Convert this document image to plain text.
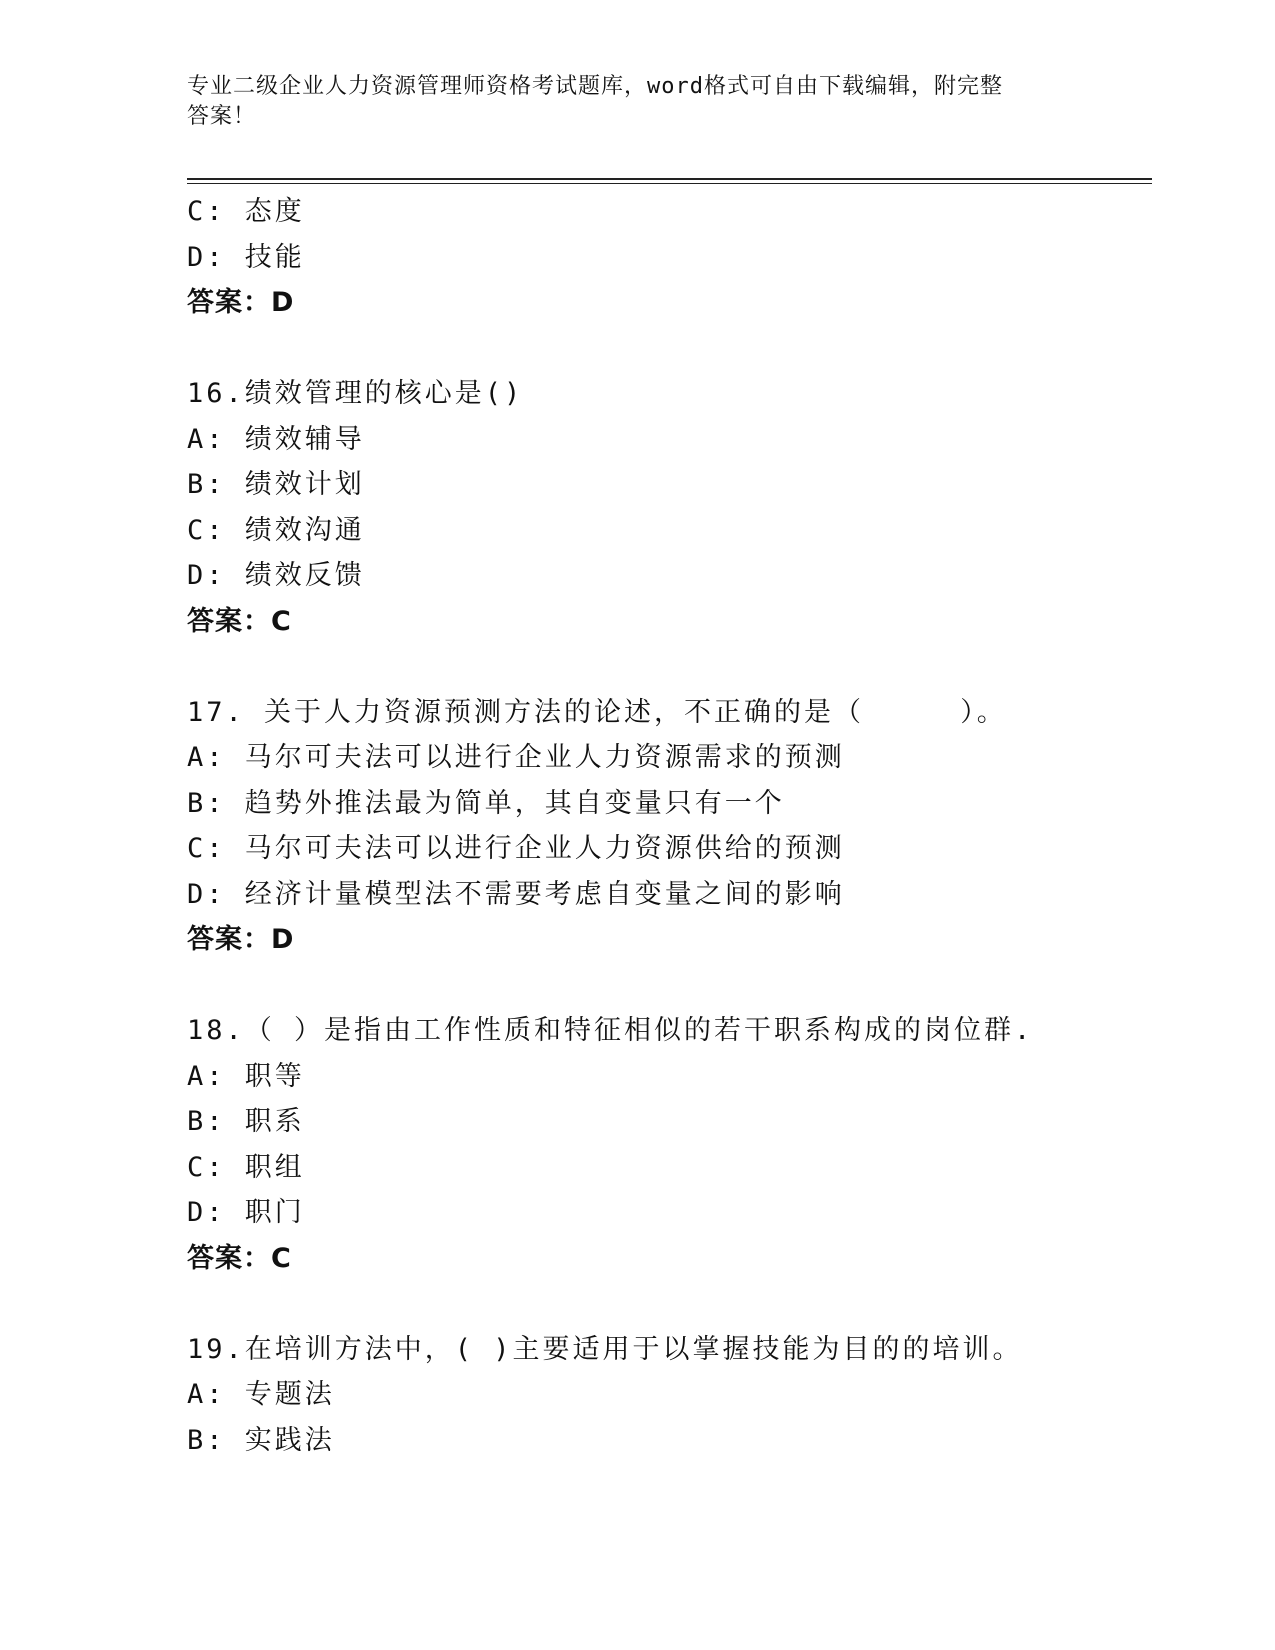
专业二级企业人力资源管理师资格考试题库，word格式可自由下载编辑，附完整
答案！
C: 态度
D: 技能
答案：D
16.绩效管理的核心是()
A: 绩效辅导
B: 绩效计划
C: 绩效沟通
D: 绩效反馈
答案：C
17. 关于人力资源预测方法的论述，不正确的是（     ）。
A: 马尔可夫法可以进行企业人力资源需求的预测
B: 趋势外推法最为简单，其自变量只有一个
C: 马尔可夫法可以进行企业人力资源供给的预测
D: 经济计量模型法不需要考虑自变量之间的影响
答案：D
18.（ ）是指由工作性质和特征相似的若干职系构成的岗位群.
A: 职等
B: 职系
C: 职组
D: 职门
答案：C
19.在培训方法中，( )主要适用于以掌握技能为目的的培训。
A: 专题法
B: 实践法
